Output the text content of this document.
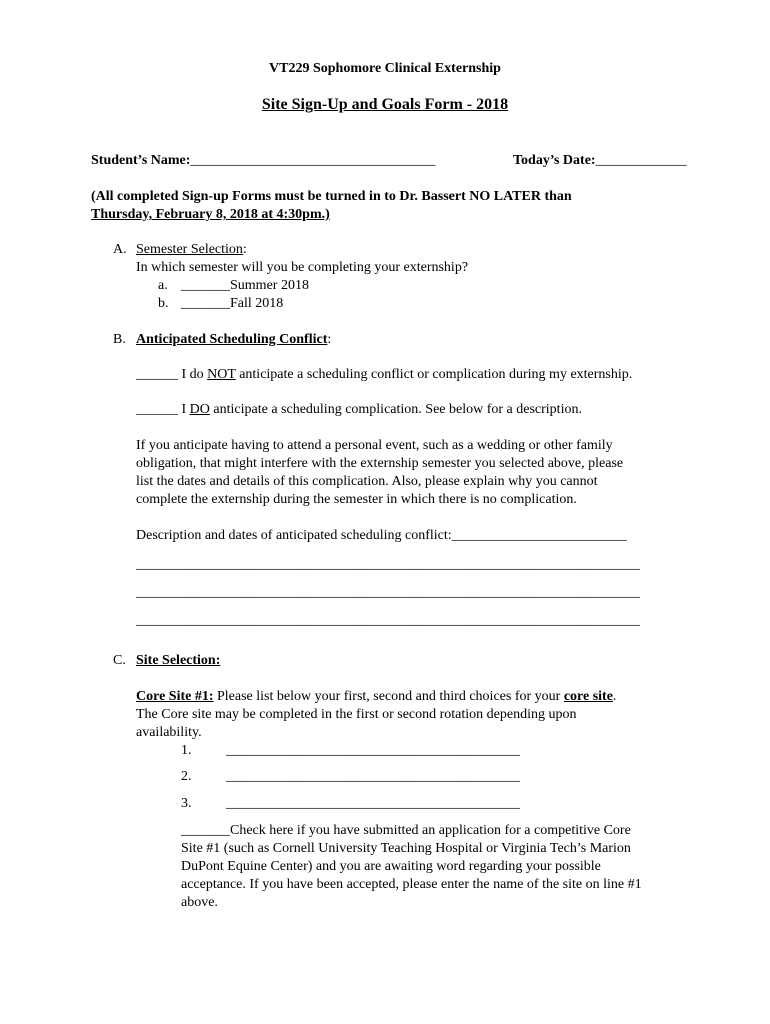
VT229 Sophomore Clinical Externship
Site Sign-Up and Goals Form - 2018
Student’s Name:___________________________________	Today’s Date:_____________
(All completed Sign-up Forms must be turned in to Dr. Bassert NO LATER than
Thursday, February 8, 2018 at 4:30pm.)
A. Semester Selection:
In which semester will you be completing your externship?
a. _______Summer 2018
b. _______Fall 2018
B. Anticipated Scheduling Conflict:
______ I do NOT anticipate a scheduling conflict or complication during my externship.
______ I DO anticipate a scheduling complication. See below for a description.
If you anticipate having to attend a personal event, such as a wedding or other family
obligation, that might interfere with the externship semester you selected above, please
list the dates and details of this complication. Also, please explain why you cannot
complete the externship during the semester in which there is no complication.
Description and dates of anticipated scheduling conflict:_________________________
________________________________________________________________________
________________________________________________________________________
________________________________________________________________________
C. Site Selection:
Core Site #1: Please list below your first, second and third choices for your core site.
The Core site may be completed in the first or second rotation depending upon
availability.
1. __________________________________________
2. __________________________________________
3. __________________________________________
_______Check here if you have submitted an application for a competitive Core
Site #1 (such as Cornell University Teaching Hospital or Virginia Tech’s Marion
DuPont Equine Center) and you are awaiting word regarding your possible
acceptance. If you have been accepted, please enter the name of the site on line #1
above.
